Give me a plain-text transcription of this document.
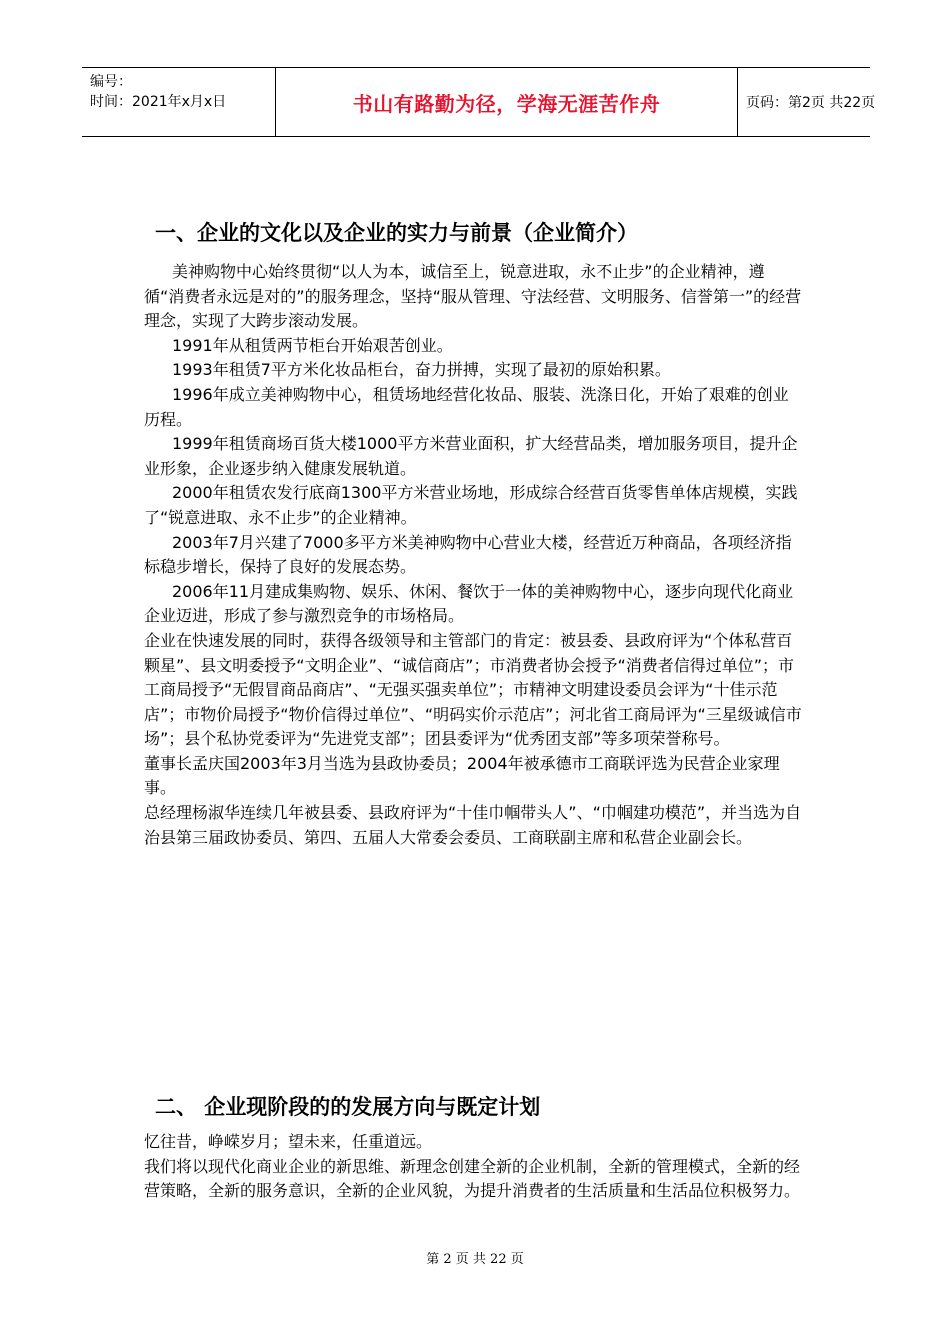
编号：
时间：2021年x月x日	书山有路勤为径，学海无涯苦作舟	页码：第2页 共22页
一、企业的文化以及企业的实力与前景（企业简介）

美神购物中心始终贯彻“以人为本，诚信至上，锐意进取，永不止步”的企业精神，遵循“消费者永远是对的”的服务理念，坚持“服从管理、守法经营、文明服务、信誉第一”的经营理念，实现了大跨步滚动发展。

1991年从租赁两节柜台开始艰苦创业。

1993年租赁7平方米化妆品柜台，奋力拼搏，实现了最初的原始积累。

1996年成立美神购物中心，租赁场地经营化妆品、服装、洗涤日化，开始了艰难的创业历程。

1999年租赁商场百货大楼1000平方米营业面积，扩大经营品类，增加服务项目，提升企业形象，企业逐步纳入健康发展轨道。

2000年租赁农发行底商1300平方米营业场地，形成综合经营百货零售单体店规模，实践了“锐意进取、永不止步”的企业精神。

2003年7月兴建了7000多平方米美神购物中心营业大楼，经营近万种商品，各项经济指标稳步增长，保持了良好的发展态势。

2006年11月建成集购物、娱乐、休闲、餐饮于一体的美神购物中心，逐步向现代化商业企业迈进，形成了参与激烈竞争的市场格局。

企业在快速发展的同时，获得各级领导和主管部门的肯定：被县委、县政府评为“个体私营百颗星”、县文明委授予“文明企业”、“诚信商店”；市消费者协会授予“消费者信得过单位”；市工商局授予“无假冒商品商店”、“无强买强卖单位”；市精神文明建设委员会评为“十佳示范店”；市物价局授予“物价信得过单位”、“明码实价示范店”；河北省工商局评为“三星级诚信市场”；县个私协党委评为“先进党支部”；团县委评为“优秀团支部”等多项荣誉称号。

董事长孟庆国2003年3月当选为县政协委员；2004年被承德市工商联评选为民营企业家理事。

总经理杨淑华连续几年被县委、县政府评为“十佳巾帼带头人”、“巾帼建功模范”，并当选为自治县第三届政协委员、第四、五届人大常委会委员、工商联副主席和私营企业副会长。

二、 企业现阶段的的发展方向与既定计划

忆往昔，峥嵘岁月；望未来，任重道远。

我们将以现代化商业企业的新思维、新理念创建全新的企业机制，全新的管理模式，全新的经营策略，全新的服务意识，全新的企业风貌，为提升消费者的生活质量和生活品位积极努力。

第 2 页 共 22 页
